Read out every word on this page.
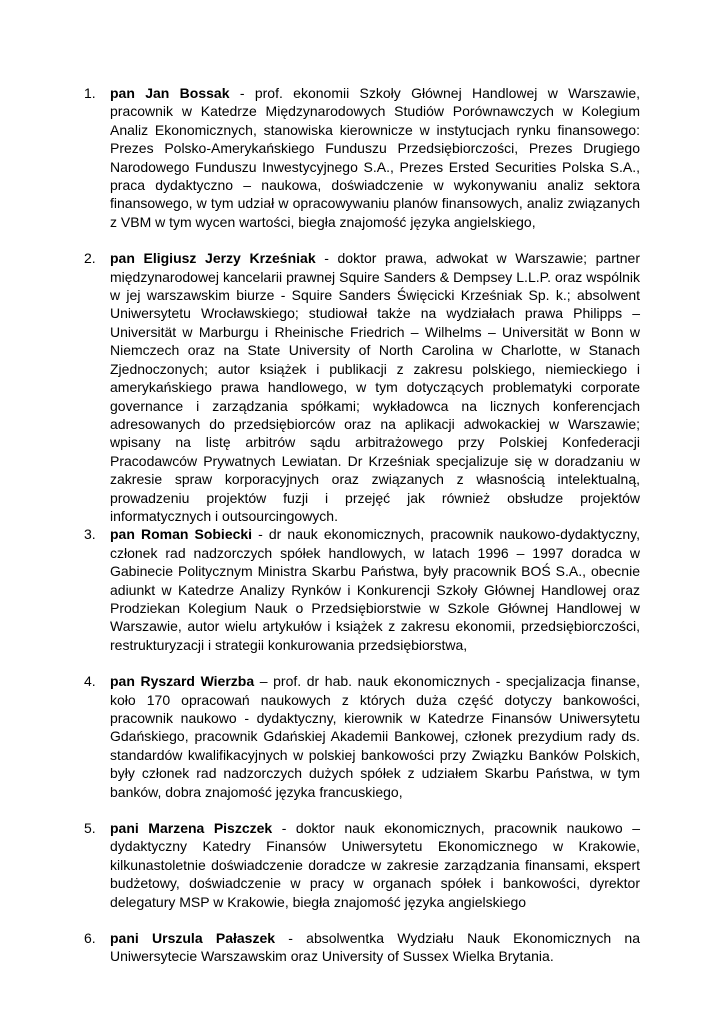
1.	pan Jan Bossak - prof. ekonomii Szkoły Głównej Handlowej w Warszawie, pracownik w Katedrze Międzynarodowych Studiów Porównawczych w Kolegium Analiz Ekonomicznych, stanowiska kierownicze w instytucjach rynku finansowego: Prezes Polsko-Amerykańskiego Funduszu Przedsiębiorczości, Prezes Drugiego Narodowego Funduszu Inwestycyjnego S.A., Prezes Ersted Securities Polska S.A., praca dydaktyczno – naukowa, doświadczenie w wykonywaniu analiz sektora finansowego, w tym udział w opracowywaniu planów finansowych, analiz związanych z VBM w tym wycen wartości, biegła znajomość języka angielskiego,
2.	pan Eligiusz Jerzy Krześniak - doktor prawa, adwokat w Warszawie; partner międzynarodowej kancelarii prawnej Squire Sanders & Dempsey L.L.P. oraz wspólnik w jej warszawskim biurze - Squire Sanders Święcicki Krześniak Sp. k.; absolwent Uniwersytetu Wrocławskiego; studiował także na wydziałach prawa Philipps – Universität w Marburgu i Rheinische Friedrich – Wilhelms – Universität w Bonn w Niemczech oraz na State University of North Carolina w Charlotte, w Stanach Zjednoczonych; autor książek i publikacji z zakresu polskiego, niemieckiego i amerykańskiego prawa handlowego, w tym dotyczących problematyki corporate governance i zarządzania spółkami; wykładowca na licznych konferencjach adresowanych do przedsiębiorców oraz na aplikacji adwokackiej w Warszawie; wpisany na listę arbitrów sądu arbitrażowego przy Polskiej Konfederacji Pracodawców Prywatnych Lewiatan. Dr Krześniak specjalizuje się w doradzaniu w zakresie spraw korporacyjnych oraz związanych z własnością intelektualną, prowadzeniu projektów fuzji i przejęć jak również obsłudze projektów informatycznych i outsourcingowych.
3.	pan Roman Sobiecki - dr nauk ekonomicznych, pracownik naukowo-dydaktyczny, członek rad nadzorczych spółek handlowych, w latach 1996 – 1997 doradca w Gabinecie Politycznym Ministra Skarbu Państwa, były pracownik BOŚ S.A., obecnie adiunkt w Katedrze Analizy Rynków i Konkurencji Szkoły Głównej Handlowej oraz Prodziekan Kolegium Nauk o Przedsiębiorstwie w Szkole Głównej Handlowej w Warszawie, autor wielu artykułów i książek z zakresu ekonomii, przedsiębiorczości, restrukturyzacji i strategii konkurowania przedsiębiorstwa,
4.	pan Ryszard Wierzba – prof. dr hab. nauk ekonomicznych - specjalizacja finanse, koło 170 opracowań naukowych z których duża część dotyczy bankowości, pracownik naukowo - dydaktyczny, kierownik w Katedrze Finansów Uniwersytetu Gdańskiego, pracownik Gdańskiej Akademii Bankowej, członek prezydium rady ds. standardów kwalifikacyjnych w polskiej bankowości przy Związku Banków Polskich, były członek rad nadzorczych dużych spółek z udziałem Skarbu Państwa, w tym banków, dobra znajomość języka francuskiego,
5.	pani Marzena Piszczek - doktor nauk ekonomicznych, pracownik naukowo – dydaktyczny Katedry Finansów Uniwersytetu Ekonomicznego w Krakowie, kilkunastoletnie doświadczenie doradcze w zakresie zarządzania finansami, ekspert budżetowy, doświadczenie w pracy w organach spółek i bankowości, dyrektor delegatury MSP w Krakowie, biegła znajomość języka angielskiego
6.	pani Urszula Pałaszek - absolwentka Wydziału Nauk Ekonomicznych na Uniwersytecie Warszawskim oraz University of Sussex Wielka Brytania.
